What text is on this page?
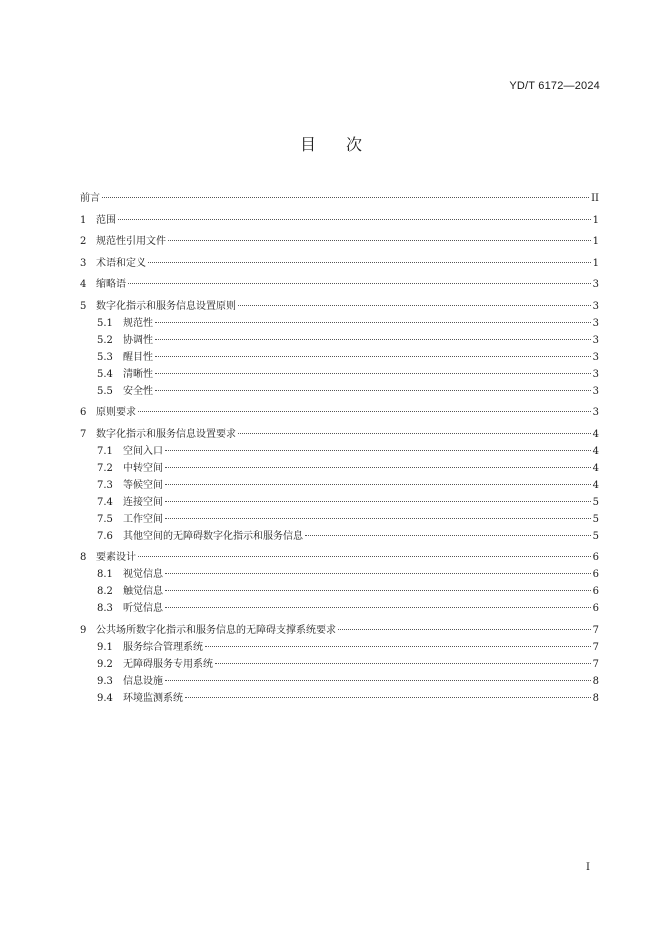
YD/T 6172—2024
目次
前言	II
1 范围	1
2 规范性引用文件	1
3 术语和定义	1
4 缩略语	3
5 数字化指示和服务信息设置原则	3
5.1	规范性	3
5.2	协调性	3
5.3	醒目性	3
5.4	清晰性	3
5.5	安全性	3
6 原则要求	3
7 数字化指示和服务信息设置要求	4
7.1	空间入口	4
7.2	中转空间	4
7.3	等候空间	4
7.4	连接空间	5
7.5	工作空间	5
7.6	其他空间的无障碍数字化指示和服务信息	5
8 要素设计	6
8.1	视觉信息	6
8.2	触觉信息	6
8.3	听觉信息	6
9 公共场所数字化指示和服务信息的无障碍支撑系统要求	7
9.1	服务综合管理系统	7
9.2	无障碍服务专用系统	7
9.3	信息设施	8
9.4	环境监测系统	8
I
